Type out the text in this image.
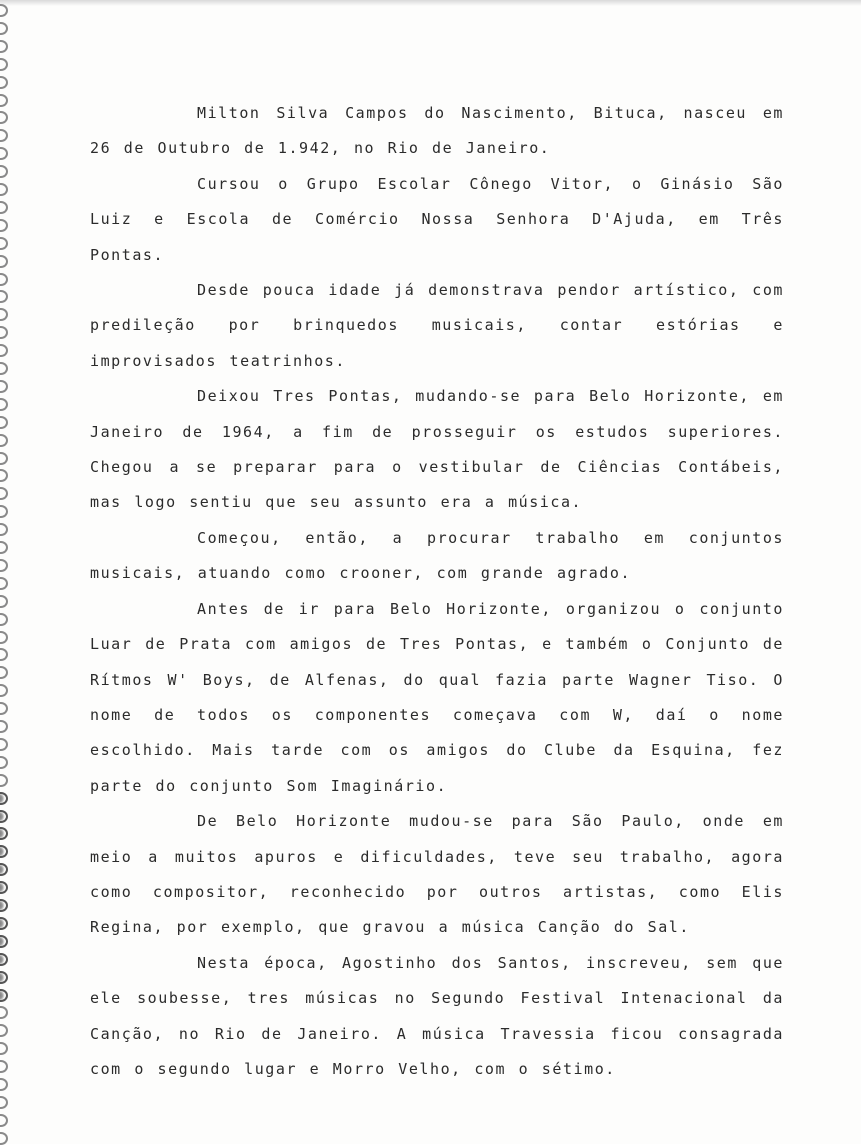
Milton Silva Campos do Nascimento, Bituca, nasceu em 26 de Outubro de 1.942, no Rio de Janeiro.

Cursou o Grupo Escolar Cônego Vitor, o Ginásio São Luiz e Escola de Comércio Nossa Senhora D'Ajuda, em Três Pontas.

Desde pouca idade já demonstrava pendor artístico, com predileção por brinquedos musicais, contar estórias e improvisados teatrinhos.

Deixou Tres Pontas, mudando-se para Belo Horizonte, em Janeiro de 1964, a fim de prosseguir os estudos superiores. Chegou a se preparar para o vestibular de Ciências Contábeis, mas logo sentiu que seu assunto era a música.

Começou, então, a procurar trabalho em conjuntos musicais, atuando como crooner, com grande agrado.

Antes de ir para Belo Horizonte, organizou o conjunto Luar de Prata com amigos de Tres Pontas, e também o Conjunto de Rítmos W' Boys, de Alfenas, do qual fazia parte Wagner Tiso. O nome de todos os componentes começava com W, daí o nome escolhido. Mais tarde com os amigos do Clube da Esquina, fez parte do conjunto Som Imaginário.

De Belo Horizonte mudou-se para São Paulo, onde em meio a muitos apuros e dificuldades, teve seu trabalho, agora como compositor, reconhecido por outros artistas, como Elis Regina, por exemplo, que gravou a música Canção do Sal.

Nesta época, Agostinho dos Santos, inscreveu, sem que ele soubesse, tres músicas no Segundo Festival Intenacional da Canção, no Rio de Janeiro. A música Travessia ficou consagrada com o segundo lugar e Morro Velho, com o sétimo.
